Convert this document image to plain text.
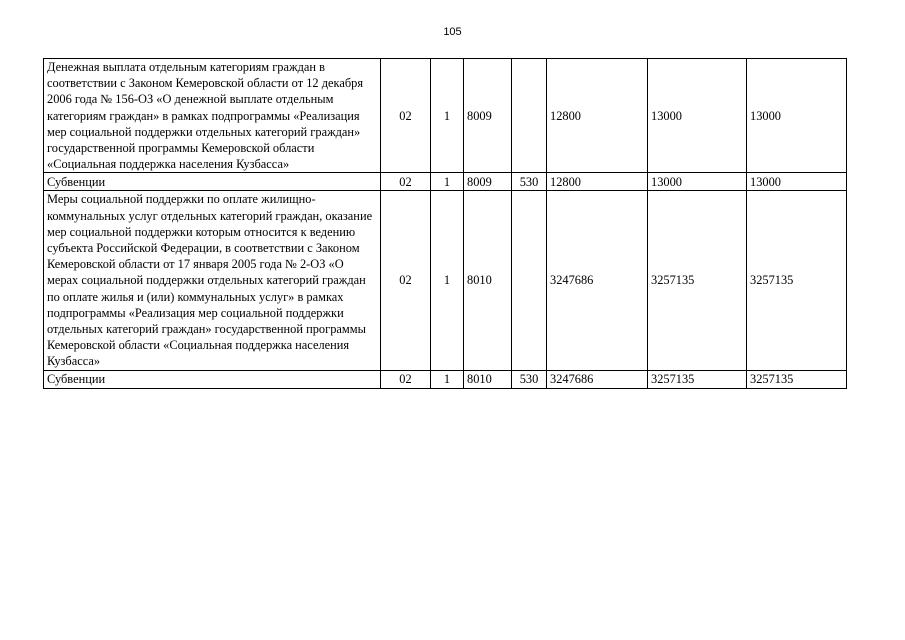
105
Денежная выплата отдельным категориям граждан в соответствии с Законом Кемеровской области от 12 декабря 2006 года № 156-ОЗ «О денежной выплате отдельным категориям граждан» в рамках подпрограммы «Реализация мер социальной поддержки отдельных категорий граждан» государственной программы Кемеровской области «Социальная поддержка населения Кузбасса»	02	1	8009		12800	13000	13000
Субвенции	02	1	8009	530	12800	13000	13000
Меры социальной поддержки по оплате жилищно-коммунальных услуг отдельных категорий граждан, оказание мер социальной поддержки которым относится к ведению субъекта Российской Федерации, в соответствии с Законом Кемеровской области от 17 января 2005 года № 2-ОЗ «О мерах социальной поддержки отдельных категорий граждан по оплате жилья и (или) коммунальных услуг» в рамках подпрограммы «Реализация мер социальной поддержки отдельных категорий граждан» государственной программы Кемеровской области «Социальная поддержка населения Кузбасса»	02	1	8010		3247686	3257135	3257135
Субвенции	02	1	8010	530	3247686	3257135	3257135
